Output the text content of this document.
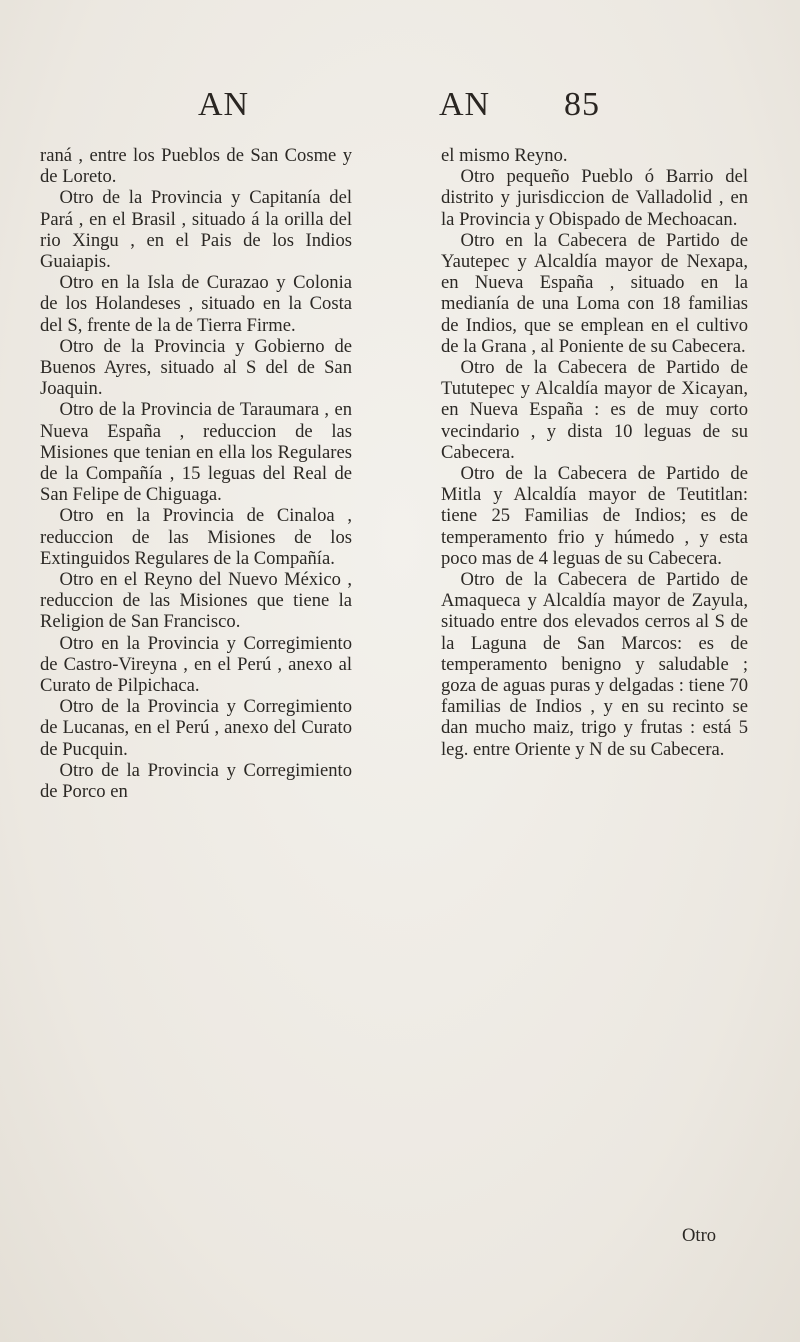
AN	AN 85

raná , entre los Pueblos de San Cosme y de Loreto.

Otro de la Provincia y Capitanía del Pará , en el Brasil , situado á la orilla del rio Xingu , en el Pais de los Indios Guaiapis.

Otro en la Isla de Curazao y Colonia de los Holandeses , situado en la Costa del S, frente de la de Tierra Firme.

Otro de la Provincia y Gobierno de Buenos Ayres, situado al S del de San Joaquin.

Otro de la Provincia de Taraumara , en Nueva España , reduccion de las Misiones que tenian en ella los Regulares de la Compañía , 15 leguas del Real de San Felipe de Chiguaga.

Otro en la Provincia de Cinaloa , reduccion de las Misiones de los Extinguidos Regulares de la Compañía.

Otro en el Reyno del Nuevo México , reduccion de las Misiones que tiene la Religion de San Francisco.

Otro en la Provincia y Corregimiento de Castro-Vireyna , en el Perú , anexo al Curato de Pilpichaca.

Otro de la Provincia y Corregimiento de Lucanas, en el Perú , anexo del Curato de Pucquin.

Otro de la Provincia y Corregimiento de Porco en

el mismo Reyno.

Otro pequeño Pueblo ó Barrio del distrito y jurisdiccion de Valladolid , en la Provincia y Obispado de Mechoacan.

Otro en la Cabecera de Partido de Yautepec y Alcaldía mayor de Nexapa, en Nueva España , situado en la medianía de una Loma con 18 familias de Indios, que se emplean en el cultivo de la Grana , al Poniente de su Cabecera.

Otro de la Cabecera de Partido de Tututepec y Alcaldía mayor de Xicayan, en Nueva España : es de muy corto vecindario , y dista 10 leguas de su Cabecera.

Otro de la Cabecera de Partido de Mitla y Alcaldía mayor de Teutitlan: tiene 25 Familias de Indios; es de temperamento frio y húmedo , y esta poco mas de 4 leguas de su Cabecera.

Otro de la Cabecera de Partido de Amaqueca y Alcaldía mayor de Zayula, situado entre dos elevados cerros al S de la Laguna de San Marcos: es de temperamento benigno y saludable ; goza de aguas puras y delgadas : tiene 70 familias de Indios , y en su recinto se dan mucho maiz, trigo y frutas : está 5 leg. entre Oriente y N de su Cabecera.

Otro
